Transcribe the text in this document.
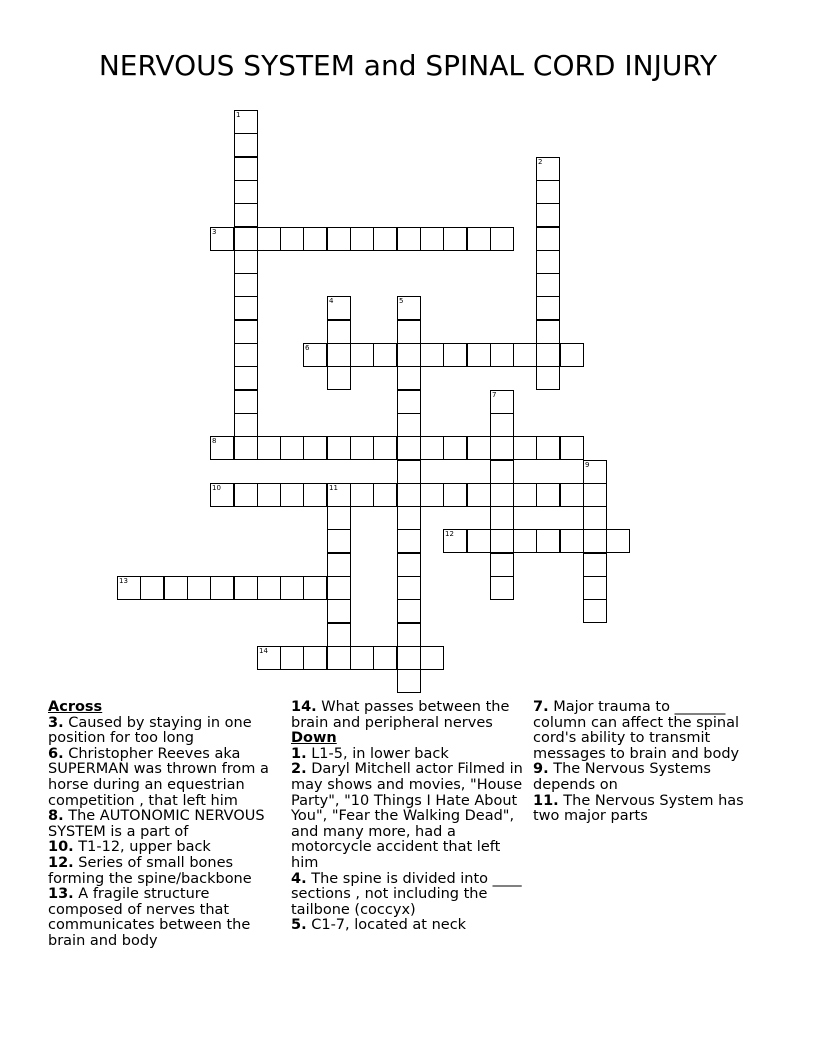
NERVOUS SYSTEM and SPINAL CORD INJURY
1
2
3
4	5
6
7
8
9
10	11
12
13
14
Across
3. Caused by staying in one position for too long
6. Christopher Reeves aka SUPERMAN was thrown from a horse during an equestrian competition , that left him
8. The AUTONOMIC NERVOUS SYSTEM is a part of
10. T1-12, upper back
12. Series of small bones forming the spine/backbone
13. A fragile structure composed of nerves that communicates between the brain and body
14. What passes between the brain and peripheral nerves
Down
1. L1-5, in lower back
2. Daryl Mitchell actor Filmed in may shows and movies, "House Party", "10 Things I Hate About You", "Fear the Walking Dead", and many more, had a motorcycle accident that left him
4. The spine is divided into ____ sections , not including the tailbone (coccyx)
5. C1-7, located at neck
7. Major trauma to _______ column can affect the spinal cord's ability to transmit messages to brain and body
9. The Nervous Systems depends on
11. The Nervous System has two major parts
